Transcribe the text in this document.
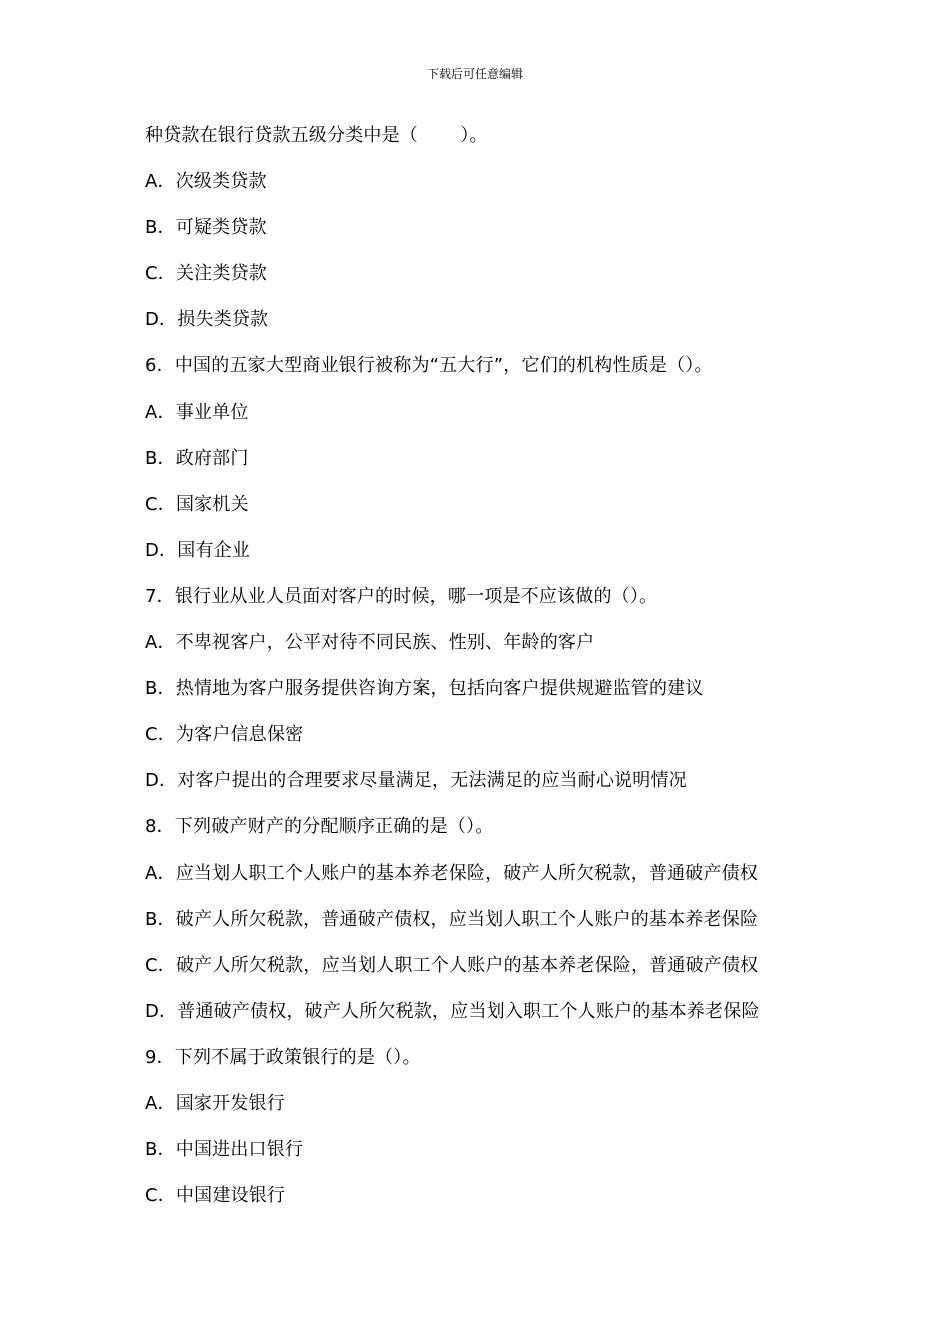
下载后可任意编辑
种贷款在银行贷款五级分类中是（　　 ）。
A．次级类贷款
B．可疑类贷款
C．关注类贷款
D．损失类贷款
6．中国的五家大型商业银行被称为“五大行”，它们的机构性质是（）。
A．事业单位
B．政府部门
C．国家机关
D．国有企业
7．银行业从业人员面对客户的时候，哪一项是不应该做的（）。
A．不卑视客户，公平对待不同民族、性别、年龄的客户
B．热情地为客户服务提供咨询方案，包括向客户提供规避监管的建议
C．为客户信息保密
D．对客户提出的合理要求尽量满足，无法满足的应当耐心说明情况
8．下列破产财产的分配顺序正确的是（）。
A．应当划人职工个人账户的基本养老保险，破产人所欠税款，普通破产债权
B．破产人所欠税款，普通破产债权，应当划人职工个人账户的基本养老保险
C．破产人所欠税款，应当划人职工个人账户的基本养老保险，普通破产债权
D．普通破产债权，破产人所欠税款，应当划入职工个人账户的基本养老保险
9．下列不属于政策银行的是（）。
A．国家开发银行
B．中国进出口银行
C．中国建设银行
